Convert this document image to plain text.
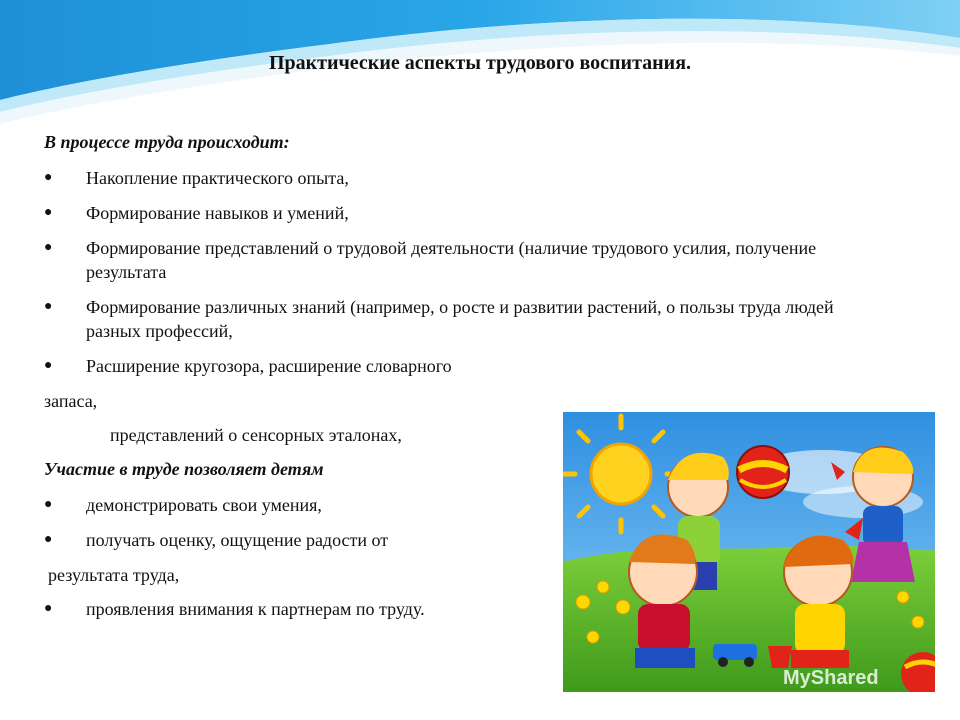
Практические аспекты трудового воспитания.
В процессе труда происходит:
● Накопление практического опыта,
● Формирование навыков и умений,
● Формирование представлений о трудовой деятельности (наличие трудового усилия, получение результата
● Формирование различных знаний (например, о росте и развитии растений, о пользы труда людей разных профессий,
● Расширение кругозора, расширение словарного
запаса,
представлений о сенсорных эталонах,
Участие в труде позволяет детям
● демонстрировать свои умения,
● получать оценку, ощущение радости от
результата труда,
● проявления внимания к партнерам по труду.
MyShared
